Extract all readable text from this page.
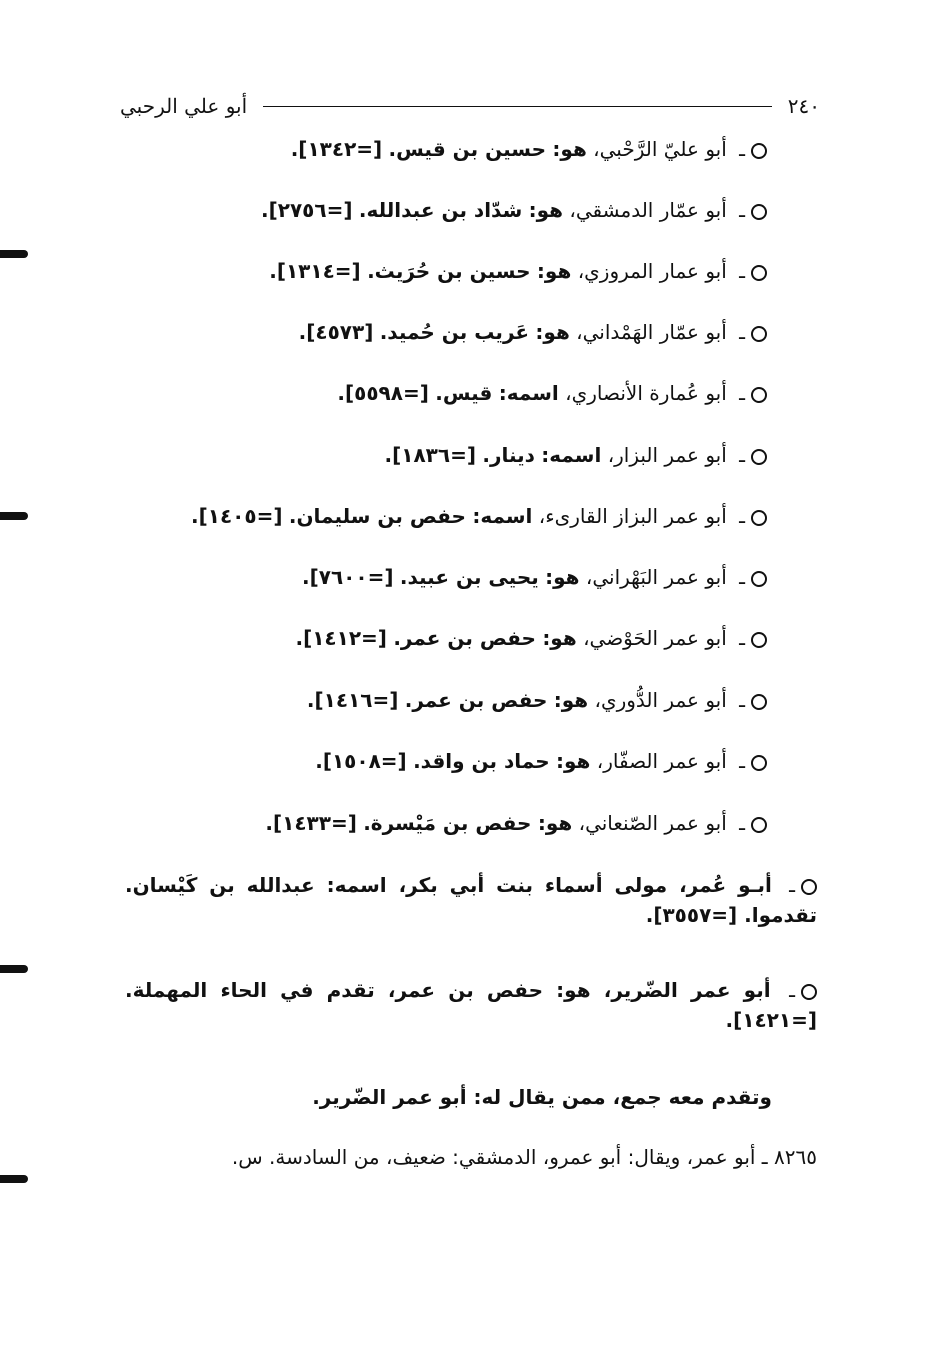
٢٤٠
أبو علي الرحبي
ـ أبو عليّ الرَّحْبي، هو: حسين بن قيس. [=١٣٤٢].
ـ أبو عمّار الدمشقي، هو: شدّاد بن عبدالله. [=٢٧٥٦].
ـ أبو عمار المروزي، هو: حسين بن حُرَيث. [=١٣١٤].
ـ أبو عمّار الهَمْداني، هو: عَريب بن حُميد. [٤٥٧٣].
ـ أبو عُمارة الأنصاري، اسمه: قيس. [=٥٥٩٨].
ـ أبو عمر البزار، اسمه: دينار. [=١٨٣٦].
ـ أبو عمر البزاز القارىء، اسمه: حفص بن سليمان. [=١٤٠٥].
ـ أبو عمر البَهْراني، هو: يحيى بن عبيد. [=٧٦٠٠].
ـ أبو عمر الحَوْضي، هو: حفص بن عمر. [=١٤١٢].
ـ أبو عمر الدُّوري، هو: حفص بن عمر. [=١٤١٦].
ـ أبو عمر الصفّار، هو: حماد بن واقد. [=١٥٠٨].
ـ أبو عمر الصّنعاني، هو: حفص بن مَيْسرة. [=١٤٣٣].
ـ أبـو عُمر، مولى أسماء بنت أبي بكر، اسمه: عبدالله بن كَيْسان. تقدموا. [=٣٥٥٧].
ـ أبو عمر الضّرير، هو: حفص بن عمر، تقدم في الحاء المهملة. [=١٤٢١].
وتقدم معه جمع، ممن يقال له: أبو عمر الضّرير.
٨٢٦٥ ـ أبو عمر، ويقال: أبو عمرو، الدمشقي: ضعيف، من السادسة. س.
